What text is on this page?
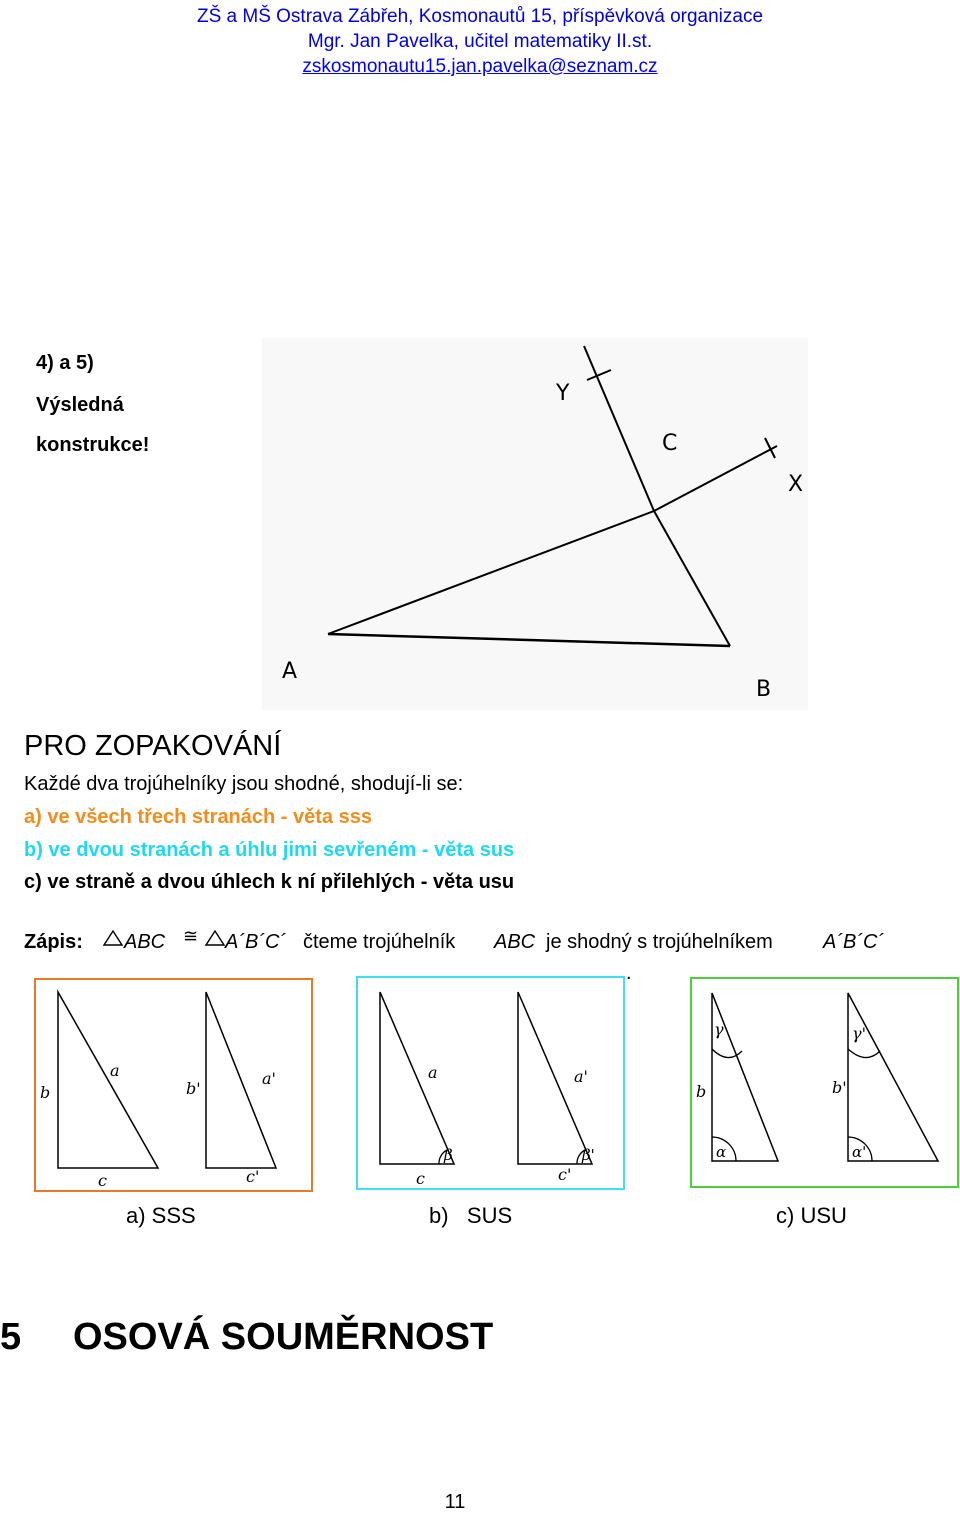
ZŠ a MŠ Ostrava Zábřeh, Kosmonautů 15, příspěvková organizace
Mgr. Jan Pavelka, učitel matematiky II.st.
zskosmonautu15.jan.pavelka@seznam.cz
4) a 5)
Výsledná
konstrukce!
A
B
C
X
Y
PRO ZOPAKOVÁNÍ
Každé dva trojúhelníky jsou shodné, shodují-li se:
a) ve všech třech stranách - věta sss
b) ve dvou stranách a úhlu jimi sevřeném - věta sus
c) ve straně a dvou úhlech k ní přilehlých - věta usu
Zápis: ABC ≅ A´B´C´ čteme trojúhelník ABC je shodný s trojúhelníkem	A´B´C´
.
b
a
c
b'
a'
c'
a
c
β
a'
c'
β'
γ
b
α
γ'
b'
α'
a) SSS	b)   SUS	c) USU
5 OSOVÁ SOUMĚRNOST
11
